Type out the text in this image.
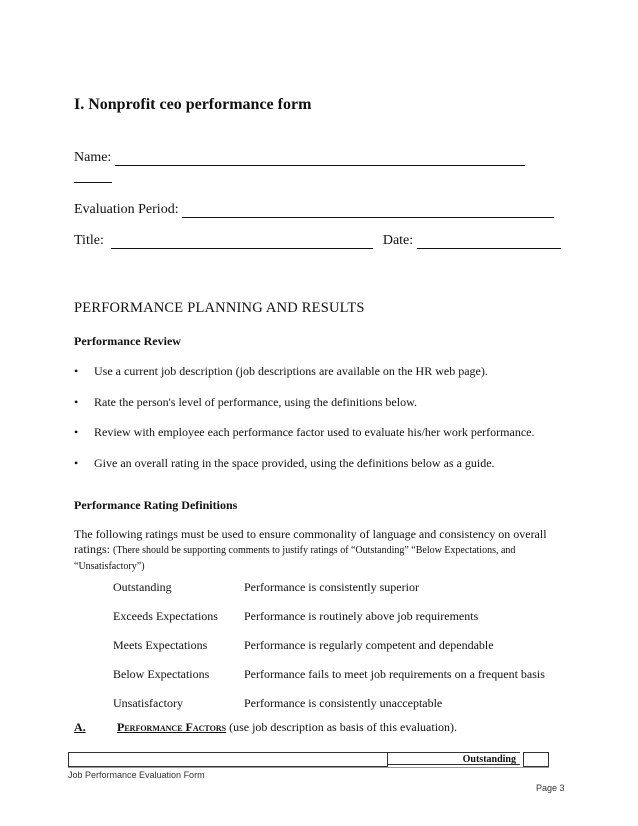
I. Nonprofit ceo performance form
Name:
Evaluation Period:
Title:	Date:
PERFORMANCE PLANNING AND RESULTS
Performance Review
• Use a current job description (job descriptions are available on the HR web page).
• Rate the person's level of performance, using the definitions below.
• Review with employee each performance factor used to evaluate his/her work performance.
• Give an overall rating in the space provided, using the definitions below as a guide.
Performance Rating Definitions
The following ratings must be used to ensure commonality of language and consistency on overall ratings: (There should be supporting comments to justify ratings of “Outstanding” “Below Expectations, and “Unsatisfactory”)
Outstanding	Performance is consistently superior
Exceeds Expectations Performance is routinely above job requirements
Meets Expectations	Performance is regularly competent and dependable
Below Expectations	Performance fails to meet job requirements on a frequent basis
Unsatisfactory	Performance is consistently unacceptable
A.	Performance Factors (use job description as basis of this evaluation).
Outstanding
Job Performance Evaluation Form
Page 3
